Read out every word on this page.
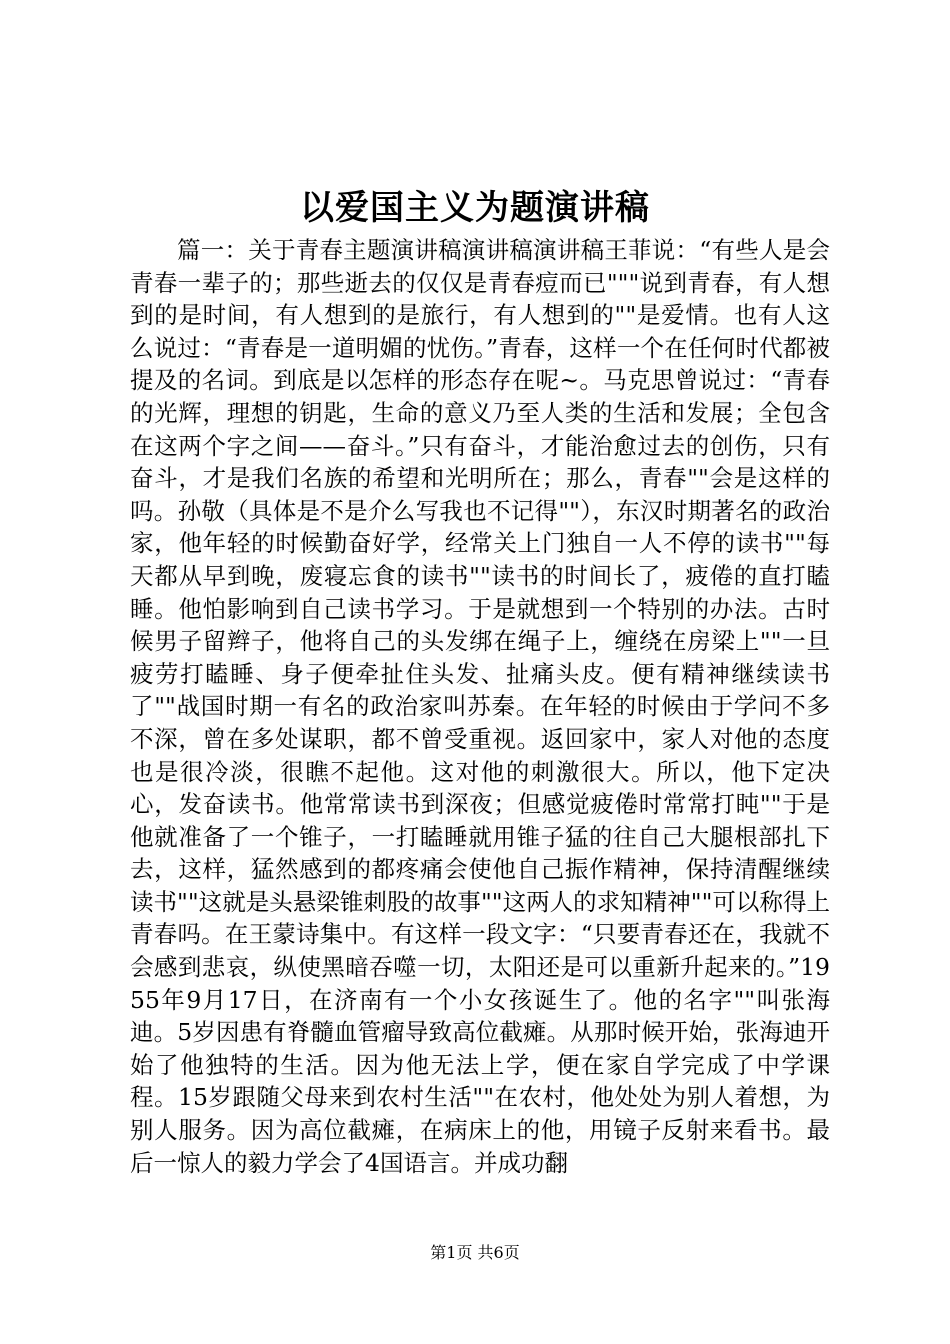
以爱国主义为题演讲稿

篇一：关于青春主题演讲稿演讲稿演讲稿王菲说：“有些人是会青春一辈子的；那些逝去的仅仅是青春痘而已"""说到青春，有人想到的是时间，有人想到的是旅行，有人想到的""是爱情。也有人这么说过：“青春是一道明媚的忧伤。”青春，这样一个在任何时代都被提及的名词。到底是以怎样的形态存在呢~。马克思曾说过：“青春的光辉，理想的钥匙，生命的意义乃至人类的生活和发展；全包含在这两个字之间——奋斗。”只有奋斗，才能治愈过去的创伤，只有奋斗，才是我们名族的希望和光明所在；那么，青春""会是这样的吗。孙敬（具体是不是介么写我也不记得""），东汉时期著名的政治家，他年轻的时候勤奋好学，经常关上门独自一人不停的读书""每天都从早到晚，废寝忘食的读书""读书的时间长了，疲倦的直打瞌睡。他怕影响到自己读书学习。于是就想到一个特别的办法。古时候男子留辫子，他将自己的头发绑在绳子上，缠绕在房梁上""一旦疲劳打瞌睡、身子便牵扯住头发、扯痛头皮。便有精神继续读书了""战国时期一有名的政治家叫苏秦。在年轻的时候由于学问不多不深，曾在多处谋职，都不曾受重视。返回家中，家人对他的态度也是很冷淡，很瞧不起他。这对他的刺激很大。所以，他下定决心，发奋读书。他常常读书到深夜；但感觉疲倦时常常打盹""于是他就准备了一个锥子，一打瞌睡就用锥子猛的往自己大腿根部扎下去，这样，猛然感到的都疼痛会使他自己振作精神，保持清醒继续读书""这就是头悬梁锥刺股的故事""这两人的求知精神""可以称得上青春吗。在王蒙诗集中。有这样一段文字：“只要青春还在，我就不会感到悲哀，纵使黑暗吞噬一切，太阳还是可以重新升起来的。”1955年9月17日，在济南有一个小女孩诞生了。他的名字""叫张海迪。5岁因患有脊髓血管瘤导致高位截瘫。从那时候开始，张海迪开始了他独特的生活。因为他无法上学，便在家自学完成了中学课程。15岁跟随父母来到农村生活""在农村，他处处为别人着想，为别人服务。因为高位截瘫，在病床上的他，用镜子反射来看书。最后一惊人的毅力学会了4国语言。并成功翻

第1页 共6页
